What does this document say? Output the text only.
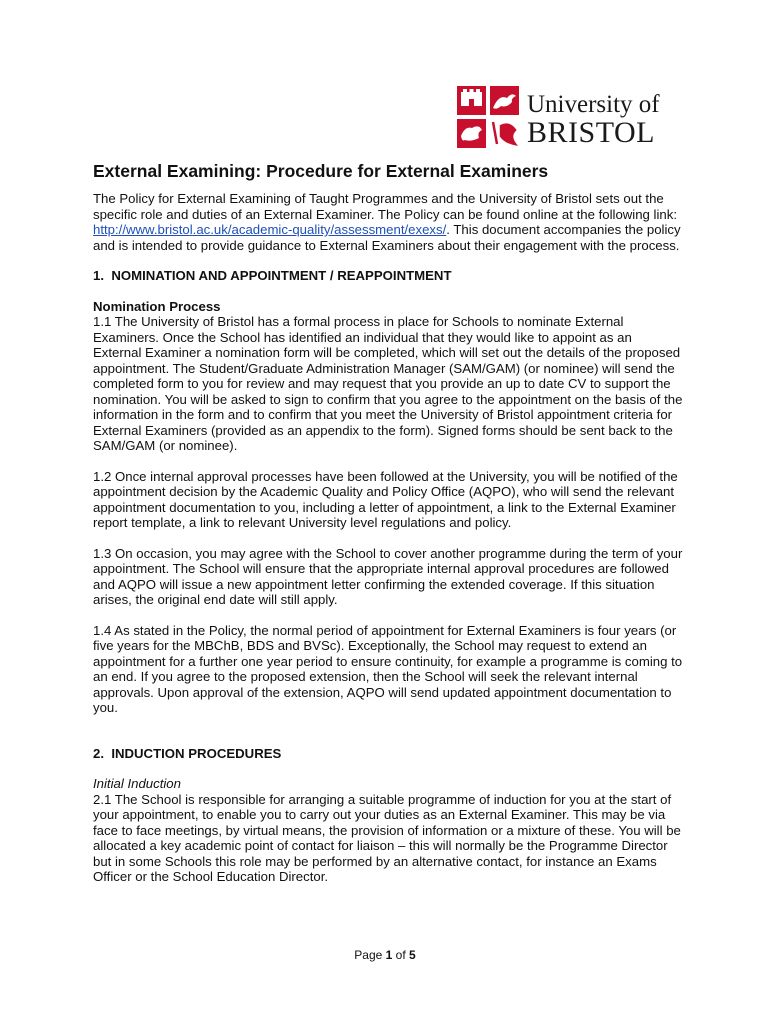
University of
BRISTOL
External Examining: Procedure for External Examiners

The Policy for External Examining of Taught Programmes and the University of Bristol sets out the specific role and duties of an External Examiner. The Policy can be found online at the following link: http://www.bristol.ac.uk/academic-quality/assessment/exexs/. This document accompanies the policy and is intended to provide guidance to External Examiners about their engagement with the process.

1.  NOMINATION AND APPOINTMENT / REAPPOINTMENT

Nomination Process

1.1 The University of Bristol has a formal process in place for Schools to nominate External Examiners. Once the School has identified an individual that they would like to appoint as an External Examiner a nomination form will be completed, which will set out the details of the proposed appointment. The Student/Graduate Administration Manager (SAM/GAM) (or nominee) will send the completed form to you for review and may request that you provide an up to date CV to support the nomination. You will be asked to sign to confirm that you agree to the appointment on the basis of the information in the form and to confirm that you meet the University of Bristol appointment criteria for External Examiners (provided as an appendix to the form). Signed forms should be sent back to the SAM/GAM (or nominee).

1.2 Once internal approval processes have been followed at the University, you will be notified of the appointment decision by the Academic Quality and Policy Office (AQPO), who will send the relevant appointment documentation to you, including a letter of appointment, a link to the External Examiner report template, a link to relevant University level regulations and policy.

1.3 On occasion, you may agree with the School to cover another programme during the term of your appointment. The School will ensure that the appropriate internal approval procedures are followed and AQPO will issue a new appointment letter confirming the extended coverage. If this situation arises, the original end date will still apply.

1.4 As stated in the Policy, the normal period of appointment for External Examiners is four years (or five years for the MBChB, BDS and BVSc). Exceptionally, the School may request to extend an appointment for a further one year period to ensure continuity, for example a programme is coming to an end. If you agree to the proposed extension, then the School will seek the relevant internal approvals. Upon approval of the extension, AQPO will send updated appointment documentation to you.

2.  INDUCTION PROCEDURES

Initial Induction

2.1 The School is responsible for arranging a suitable programme of induction for you at the start of your appointment, to enable you to carry out your duties as an External Examiner. This may be via face to face meetings, by virtual means, the provision of information or a mixture of these. You will be allocated a key academic point of contact for liaison – this will normally be the Programme Director but in some Schools this role may be performed by an alternative contact, for instance an Exams Officer or the School Education Director.

Page 1 of 5
